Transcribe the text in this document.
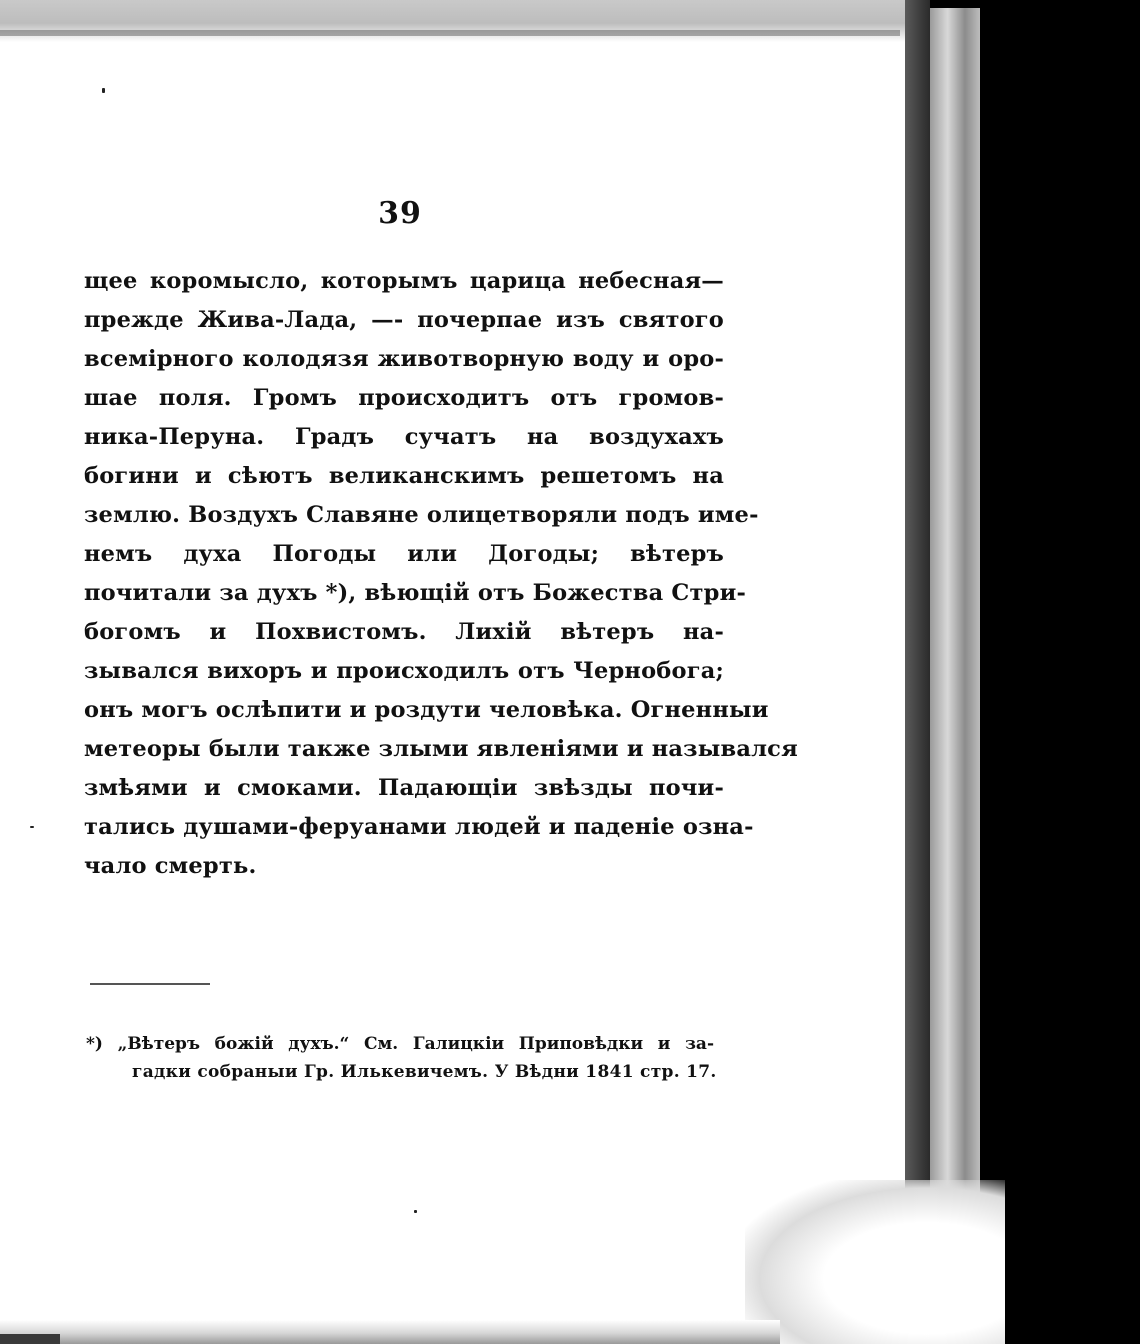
39
щее коромысло, которымъ царица небесная—
прежде Жива-Лада, —- почерпае изъ святого
всемiрного колодязя животворную воду и оро-
шае поля. Громъ происходитъ отъ громов-
ника-Перуна. Градъ сучатъ на воздухахъ
богини и сѣютъ великанскимъ решетомъ на
землю. Воздухъ Славяне олицетворяли подъ име-
немъ духа Погоды или Догоды; вѣтеръ
почитали за духъ *), вѣющiй отъ Божества Стри-
богомъ и Похвистомъ. Лихiй вѣтеръ на-
зывался вихоръ и происходилъ отъ Чернобога;
онъ могъ ослѣпити и роздути человѣка. Огненныи
метеоры были также злыми явленiями и назывался
змѣями и смоками. Падающiи звѣзды почи-
тались душами-феруанами людей и паденiе озна-
чало смерть.
*) „Вѣтеръ божiй духъ.“ См. Галицкiи Приповѣдки и за-
гадки собраныи Гр. Илькевичемъ. У Вѣдни 1841 стр. 17.
